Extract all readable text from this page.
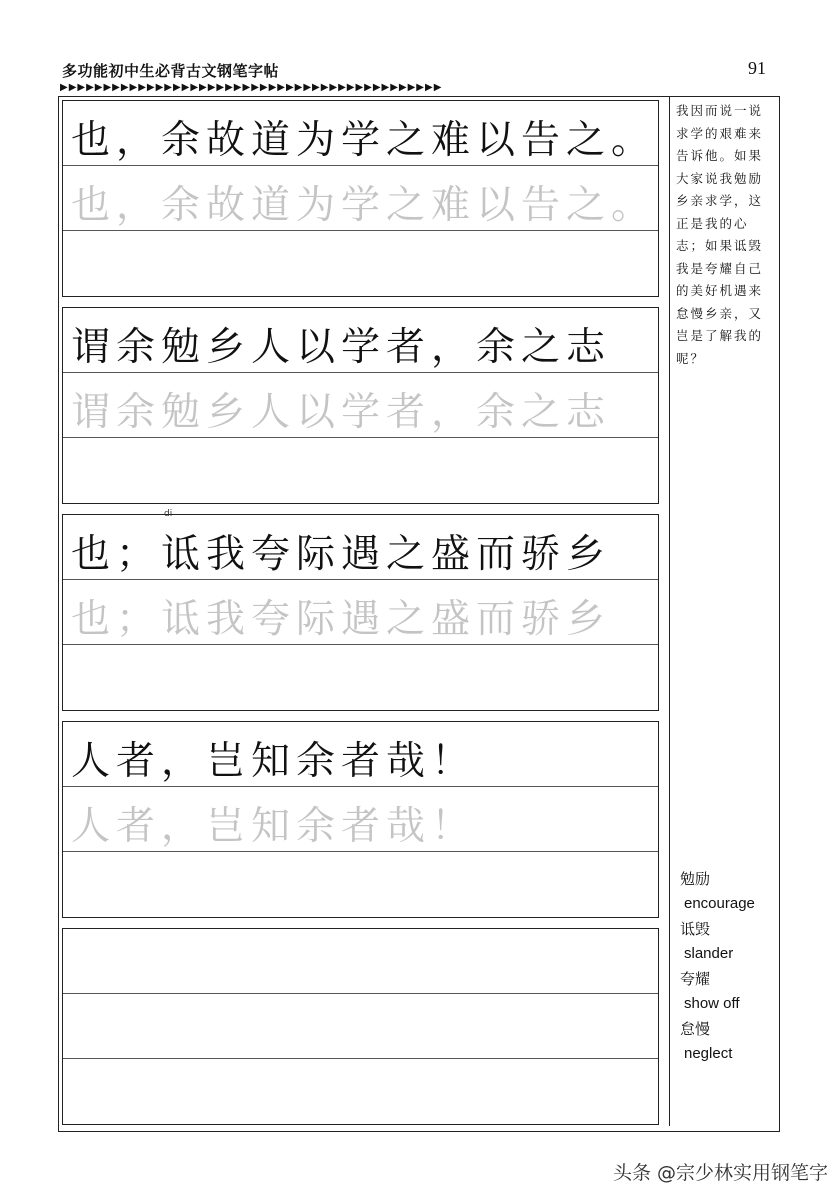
多功能初中生必背古文钢笔字帖	91
▶▶▶▶▶▶▶▶▶▶▶▶▶▶▶▶▶▶▶▶▶▶▶▶▶▶▶▶▶▶▶▶▶▶▶▶▶▶▶▶▶▶▶▶
也，余故道为学之难以告之。
也，余故道为学之难以告之。
谓余勉乡人以学者，余之志
谓余勉乡人以学者，余之志
也；诋我夸际遇之盛而骄乡
也；诋我夸际遇之盛而骄乡
di
人者，岂知余者哉！
人者，岂知余者哉！
我因而说一说求学的艰难来告诉他。如果大家说我勉励乡亲求学，这正是我的心志；如果诋毁我是夸耀自己的美好机遇来怠慢乡亲，又岂是了解我的呢？
勉励
encourage
诋毁
slander
夸耀
show off
怠慢
neglect
头条 @宗少林实用钢笔字
